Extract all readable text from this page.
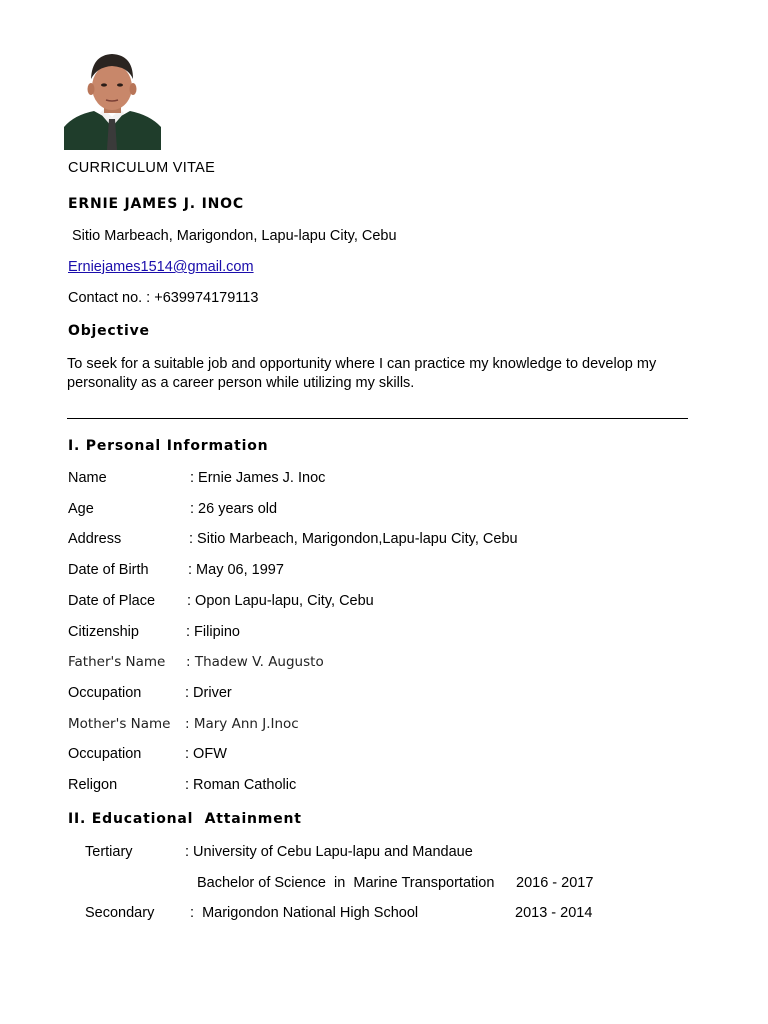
CURRICULUM VITAE
ERNIE JAMES J. INOC
Sitio Marbeach, Marigondon, Lapu-lapu City, Cebu
Erniejames1514@gmail.com
Contact no. : +639974179113
Objective
To seek for a suitable job and opportunity where I can practice my knowledge to develop my personality as a career person while utilizing my skills.
I. Personal Information
Name	: Ernie James J. Inoc
Age	: 26 years old
Address	: Sitio Marbeach, Marigondon,Lapu-lapu City, Cebu
Date of Birth	: May 06, 1997
Date of Place : Opon Lapu-lapu, City, Cebu
Citizenship	: Filipino
Father's Name : Thadew V. Augusto
Occupation	: Driver
Mother's Name : Mary Ann J.Inoc
Occupation	: OFW
Religon	: Roman Catholic
II. Educational  Attainment
Tertiary	: University of Cebu Lapu-lapu and Mandaue
Bachelor of Science  in  Marine Transportation 2016 - 2017
Secondary :  Marigondon National High School	2013 - 2014
